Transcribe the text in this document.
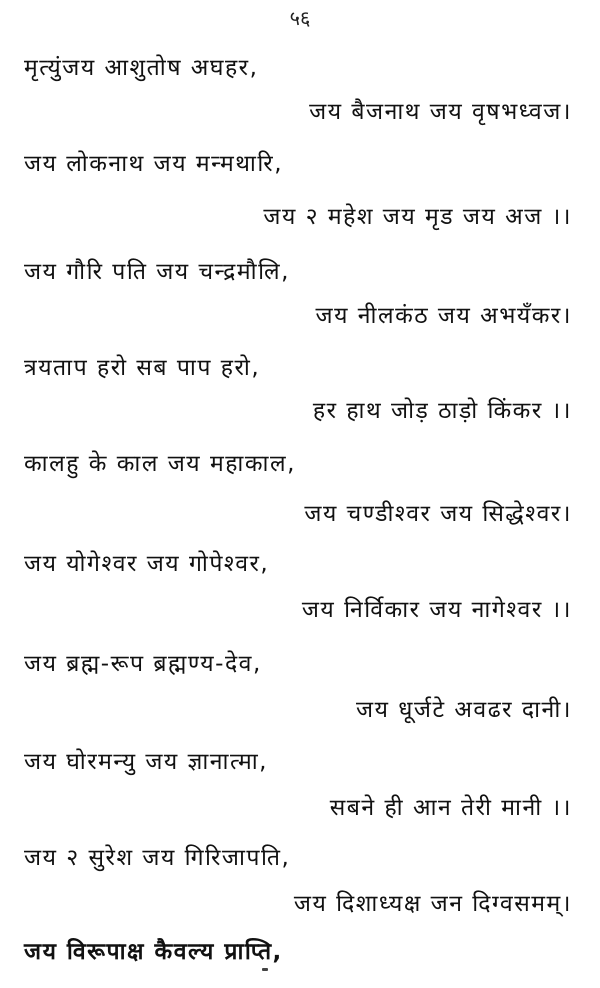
५६
मृत्युंजय आशुतोष अघहर,
जय बैजनाथ जय वृषभध्वज।
जय लोकनाथ जय मन्मथारि,
जय २ महेश जय मृड जय अज ।।
जय गौरि पति जय चन्द्रमौलि,
जय नीलकंठ जय अभयँकर।
त्रयताप हरो सब पाप हरो,
हर हाथ जोड़ ठाड़ो किंकर ।।
कालहु के काल जय महाकाल,
जय चण्डीश्वर जय सिद्धेश्वर।
जय योगेश्वर जय गोपेश्वर,
जय निर्विकार जय नागेश्वर ।।
जय ब्रह्म-रूप ब्रह्मण्य-देव,
जय धूर्जटे अवढर दानी।
जय घोरमन्यु जय ज्ञानात्मा,
सबने ही आन तेरी मानी ।।
जय २ सुरेश जय गिरिजापति,
जय दिशाध्यक्ष जन दिग्वसमम्।
जय विरूपाक्ष कैवल्य प्राप्ति,
